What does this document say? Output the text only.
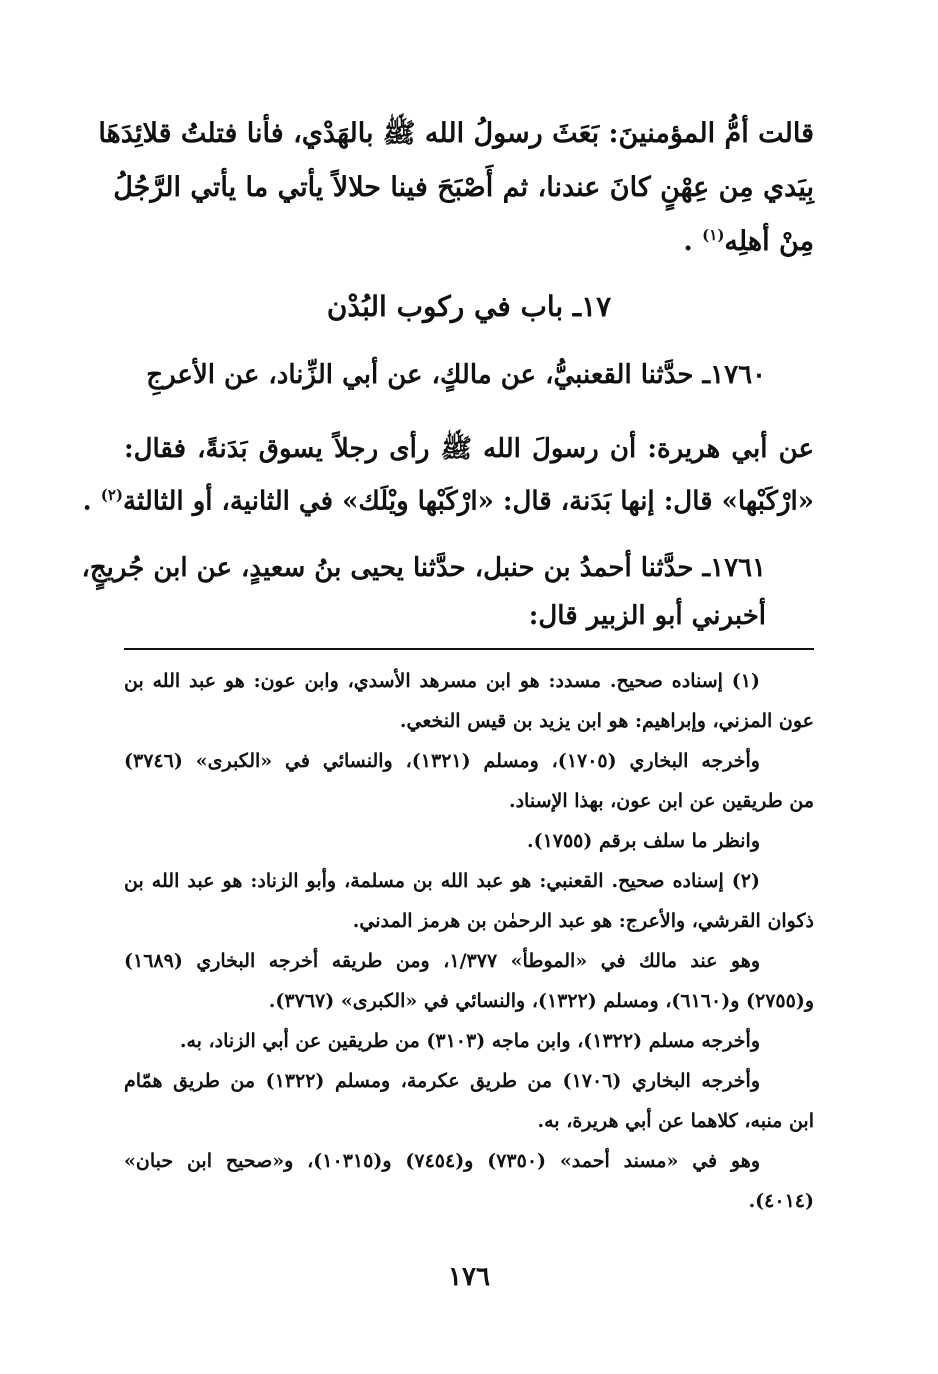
قالت أمُّ المؤمنينَ: بَعَثَ رسولُ الله ﷺ بالهَدْي، فأنا فتلتُ قلائِدَهَا
بِيَدي مِن عِهْنٍ كانَ عندنا، ثم أَصْبَحَ فينا حلالاً يأتي ما يأتي الرَّجُلُ
مِنْ أهلِه$^{(١)}$ .
١٧ـ باب في ركوب البُدْن
١٧٦٠ـ حدَّثنا القعنبيُّ، عن مالكٍ، عن أبي الزِّناد، عن الأعرجِ
عن أبي هريرة: أن رسولَ الله ﷺ رأى رجلاً يسوق بَدَنةً، فقال:
«ارْكَبْها» قال: إنها بَدَنة، قال: «ارْكَبْها ويْلَك» في الثانية، أو الثالثة$^{(٢)}$ .
١٧٦١ـ حدَّثنا أحمدُ بن حنبل، حدَّثنا يحيى بنُ سعيدٍ، عن ابن جُريجٍ،
أخبرني أبو الزبير قال:
(١) إسناده صحيح. مسدد: هو ابن مسرهد الأسدي، وابن عون: هو عبد الله بن
عون المزني، وإبراهيم: هو ابن يزيد بن قيس النخعي.
وأخرجه البخاري (١٧٠٥)، ومسلم (١٣٢١)، والنسائي في «الكبرى» (٣٧٤٦)
من طريقين عن ابن عون، بهذا الإسناد.
وانظر ما سلف برقم (١٧٥٥).
(٢) إسناده صحيح. القعنبي: هو عبد الله بن مسلمة، وأبو الزناد: هو عبد الله بن
ذكوان القرشي، والأعرج: هو عبد الرحمٰن بن هرمز المدني.
وهو عند مالك في «الموطأ» ١/٣٧٧، ومن طريقه أخرجه البخاري (١٦٨٩)
و(٢٧٥٥) و(٦١٦٠)، ومسلم (١٣٢٢)، والنسائي في «الكبرى» (٣٧٦٧).
وأخرجه مسلم (١٣٢٢)، وابن ماجه (٣١٠٣) من طريقين عن أبي الزناد، به.
وأخرجه البخاري (١٧٠٦) من طريق عكرمة، ومسلم (١٣٢٢) من طريق همّام
ابن منبه، كلاهما عن أبي هريرة، به.
وهو في «مسند أحمد» (٧٣٥٠) و(٧٤٥٤) و(١٠٣١٥)، و«صحيح ابن حبان»
(٤٠١٤).
١٧٦
